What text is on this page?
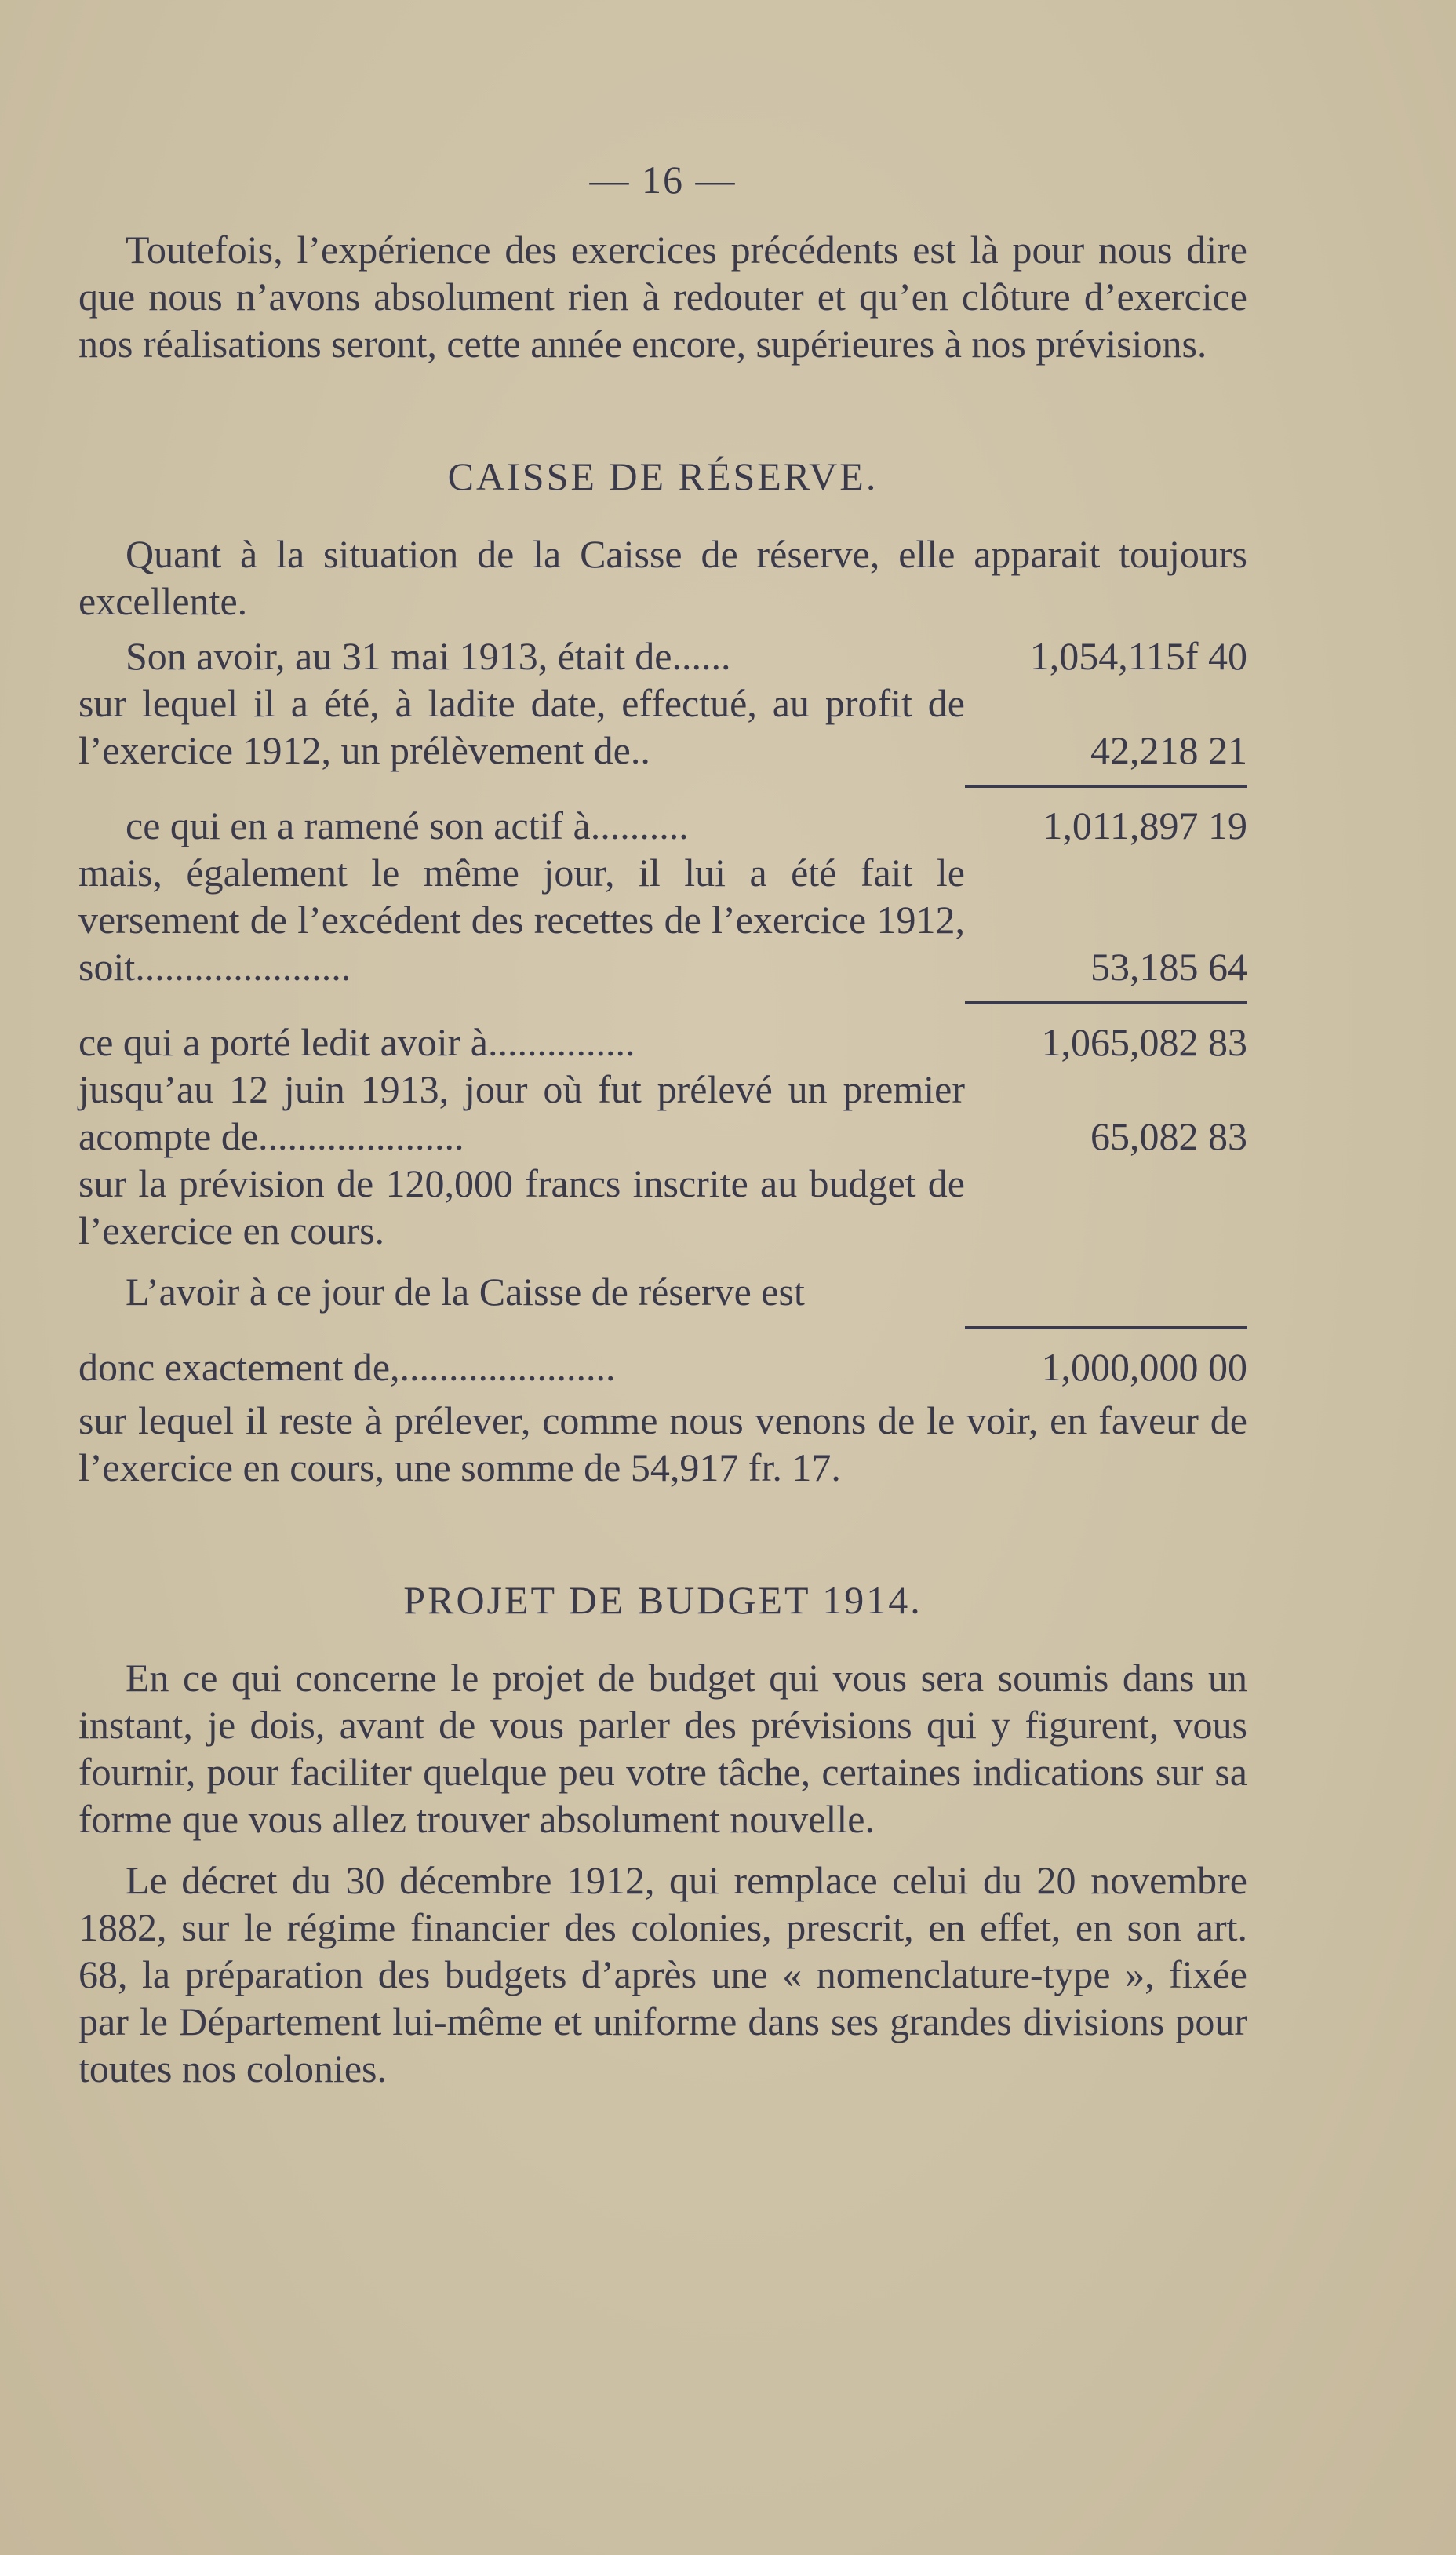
— 16 —

Toutefois, l’expérience des exercices précédents est là pour nous dire que nous n’avons absolument rien à redouter et qu’en clôture d’exercice nos réalisations seront, cette année encore, supérieures à nos prévisions.

CAISSE DE RÉSERVE.

Quant à la situation de la Caisse de réserve, elle apparait toujours excellente.

Son avoir, au 31 mai 1913, était de......	1,054,115f 40
sur lequel il a été, à ladite date, effectué, au profit de l’exercice 1912, un prélèvement de..	42,218 21
ce qui en a ramené son actif à..........	1,011,897 19
mais, également le même jour, il lui a été fait le versement de l’excédent des recettes de l’exercice 1912, soit......................	53,185 64
ce qui a porté ledit avoir à...............	1,065,082 83
jusqu’au 12 juin 1913, jour où fut prélevé un premier acompte de.....................	65,082 83
sur la prévision de 120,000 francs inscrite au budget de l’exercice en cours.
L’avoir à ce jour de la Caisse de réserve est
donc exactement de,......................	1,000,000 00

sur lequel il reste à prélever, comme nous venons de le voir, en faveur de l’exercice en cours, une somme de 54,917 fr. 17.

PROJET DE BUDGET 1914.

En ce qui concerne le projet de budget qui vous sera soumis dans un instant, je dois, avant de vous parler des prévisions qui y figurent, vous fournir, pour faciliter quelque peu votre tâche, certaines indications sur sa forme que vous allez trouver absolument nouvelle.

Le décret du 30 décembre 1912, qui remplace celui du 20 novembre 1882, sur le régime financier des colonies, prescrit, en effet, en son art. 68, la préparation des budgets d’après une « nomenclature-type », fixée par le Département lui-même et uniforme dans ses grandes divisions pour toutes nos colonies.
